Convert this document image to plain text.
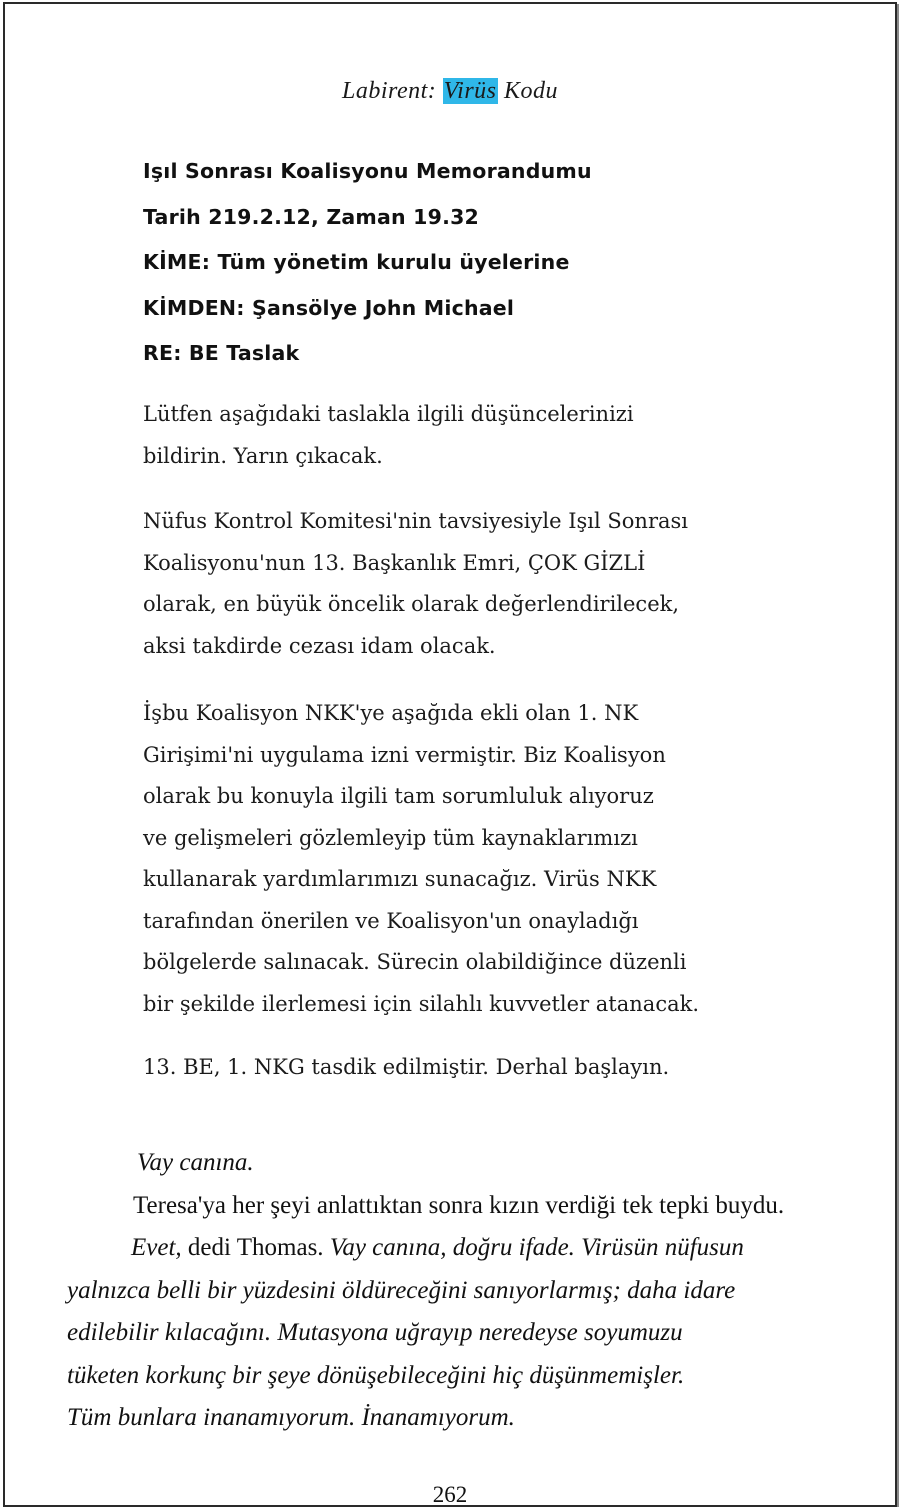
Labirent: Virüs Kodu
Işıl Sonrası Koalisyonu Memorandumu
Tarih 219.2.12, Zaman 19.32
KİME: Tüm yönetim kurulu üyelerine
KİMDEN: Şansölye John Michael
RE: BE Taslak
Lütfen aşağıdaki taslakla ilgili düşüncelerinizi
bildirin. Yarın çıkacak.
Nüfus Kontrol Komitesi'nin tavsiyesiyle Işıl Sonrası
Koalisyonu'nun 13. Başkanlık Emri, ÇOK GİZLİ
olarak, en büyük öncelik olarak değerlendirilecek,
aksi takdirde cezası idam olacak.
İşbu Koalisyon NKK'ye aşağıda ekli olan 1. NK
Girişimi'ni uygulama izni vermiştir. Biz Koalisyon
olarak bu konuyla ilgili tam sorumluluk alıyoruz
ve gelişmeleri gözlemleyip tüm kaynaklarımızı
kullanarak yardımlarımızı sunacağız. Virüs NKK
tarafından önerilen ve Koalisyon'un onayladığı
bölgelerde salınacak. Sürecin olabildiğince düzenli
bir şekilde ilerlemesi için silahlı kuvvetler atanacak.
13. BE, 1. NKG tasdik edilmiştir. Derhal başlayın.
Vay canına.
Teresa'ya her şeyi anlattıktan sonra kızın verdiği tek tepki buydu.
Evet, dedi Thomas. Vay canına, doğru ifade. Virüsün nüfusun
yalnızca belli bir yüzdesini öldüreceğini sanıyorlarmış; daha idare
edilebilir kılacağını. Mutasyona uğrayıp neredeyse soyumuzu
tüketen korkunç bir şeye dönüşebileceğini hiç düşünmemişler.
Tüm bunlara inanamıyorum. İnanamıyorum.
262
